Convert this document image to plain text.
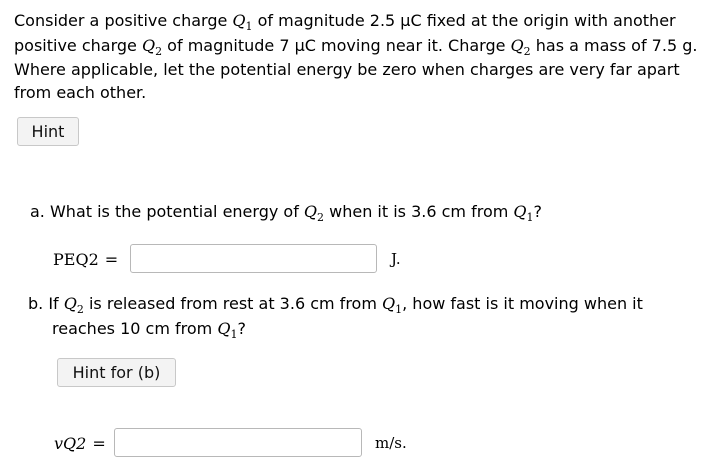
Consider a positive charge $Q_1$ of magnitude 2.5 μC fixed at the origin with another positive charge $Q_2$ of magnitude 7 μC moving near it. Charge $Q_2$ has a mass of 7.5 g. Where applicable, let the potential energy be zero when charges are very far apart from each other.
Hint
a. What is the potential energy of $Q_2$ when it is 3.6 cm from $Q_1$?
PEQ2 =	J.
b. If $Q_2$ is released from rest at 3.6 cm from $Q_1$, how fast is it moving when it
reaches 10 cm from $Q_1$?
Hint for (b)
vQ2 =	m/s.
